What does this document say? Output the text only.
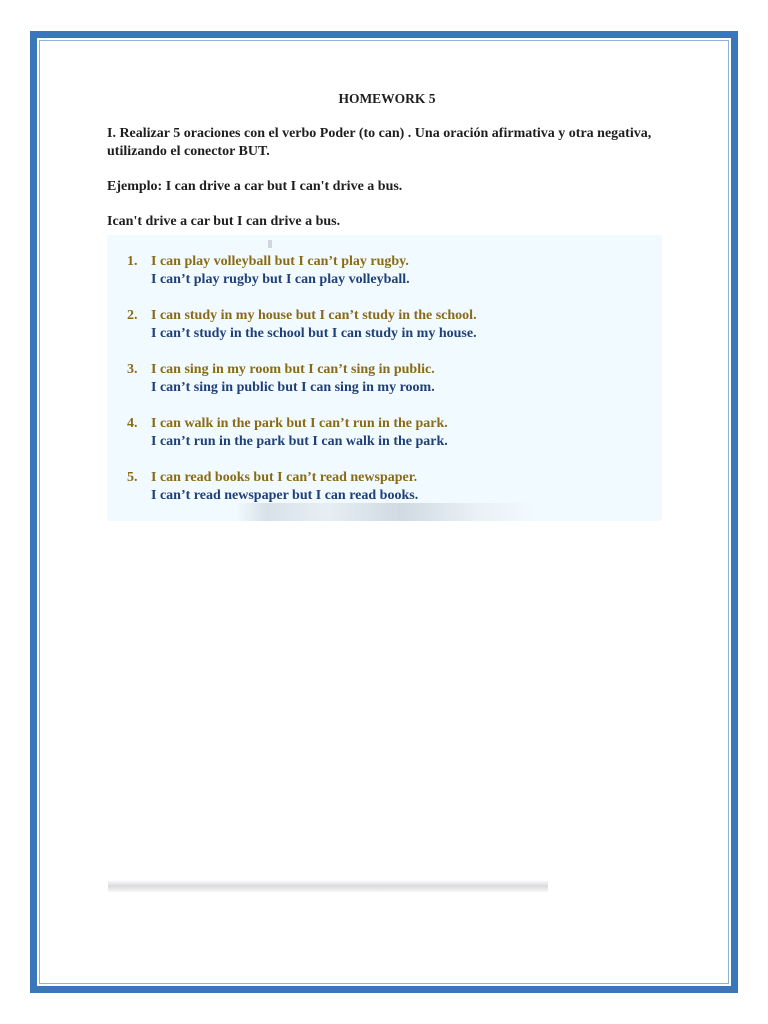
HOMEWORK 5

I. Realizar 5 oraciones con el verbo Poder (to can) . Una oración afirmativa y otra negativa, utilizando el conector BUT.

Ejemplo: I can drive a car but I can't drive a bus.

Ican't drive a car but I can drive a bus.

1. I can play volleyball but I can’t play rugby.
I can’t play rugby but I can play volleyball.
2. I can study in my house but I can’t study in the school.
I can’t study in the school but I can study in my house.
3. I can sing in my room but I can’t sing in public.
I can’t sing in public but I can sing in my room.
4. I can walk in the park but I can’t run in the park.
I can’t run in the park but I can walk in the park.
5. I can read books but I can’t read newspaper.
I can’t read newspaper but I can read books.
